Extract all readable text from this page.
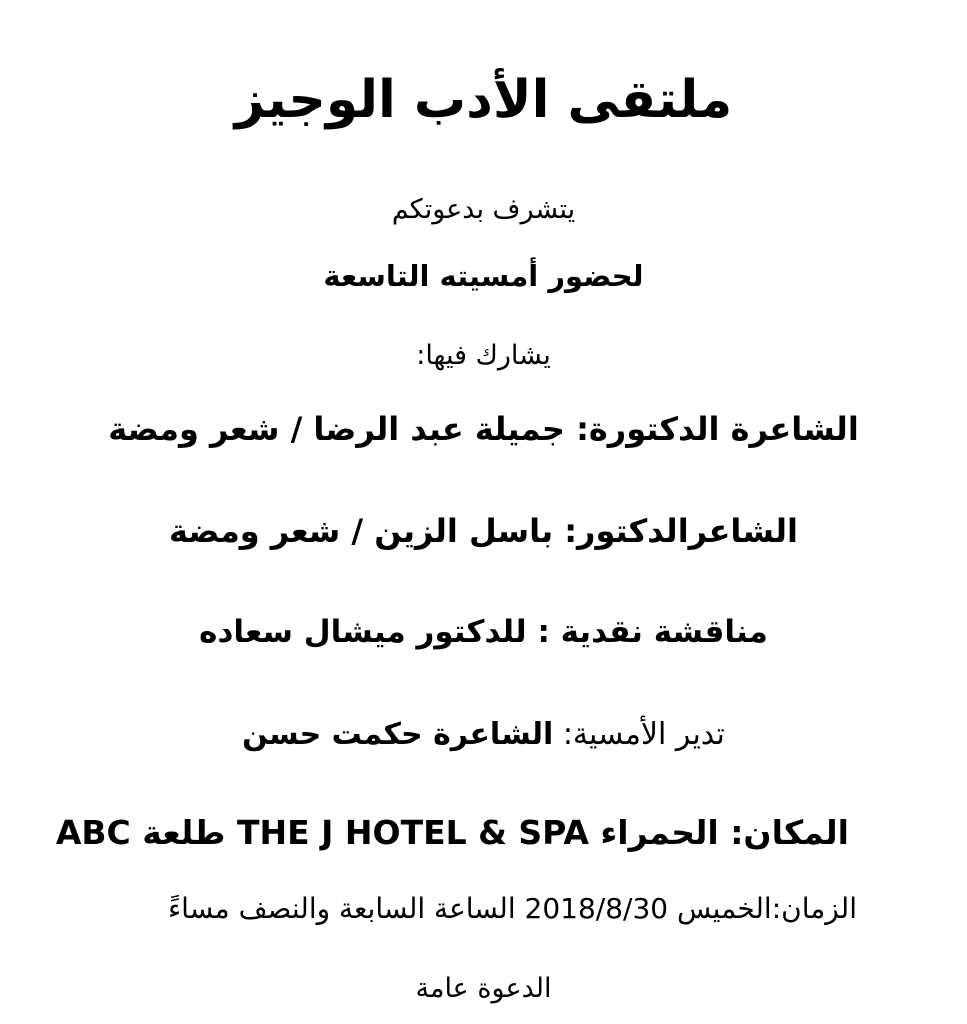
ملتقى الأدب الوجيز
يتشرف بدعوتكم
لحضور أمسيته التاسعة
يشارك فيها:
الشاعرة الدكتورة: جميلة عبد الرضا / شعر ومضة
الشاعرالدكتور: باسل الزين / شعر ومضة
مناقشة نقدية : للدكتور ميشال سعاده
تدير الأمسية: الشاعرة حكمت حسن
المكان: الحمراء THE J HOTEL & SPA طلعة ABC
الزمان:الخميس 2018/8/30 الساعة السابعة والنصف مساءً
الدعوة عامة
